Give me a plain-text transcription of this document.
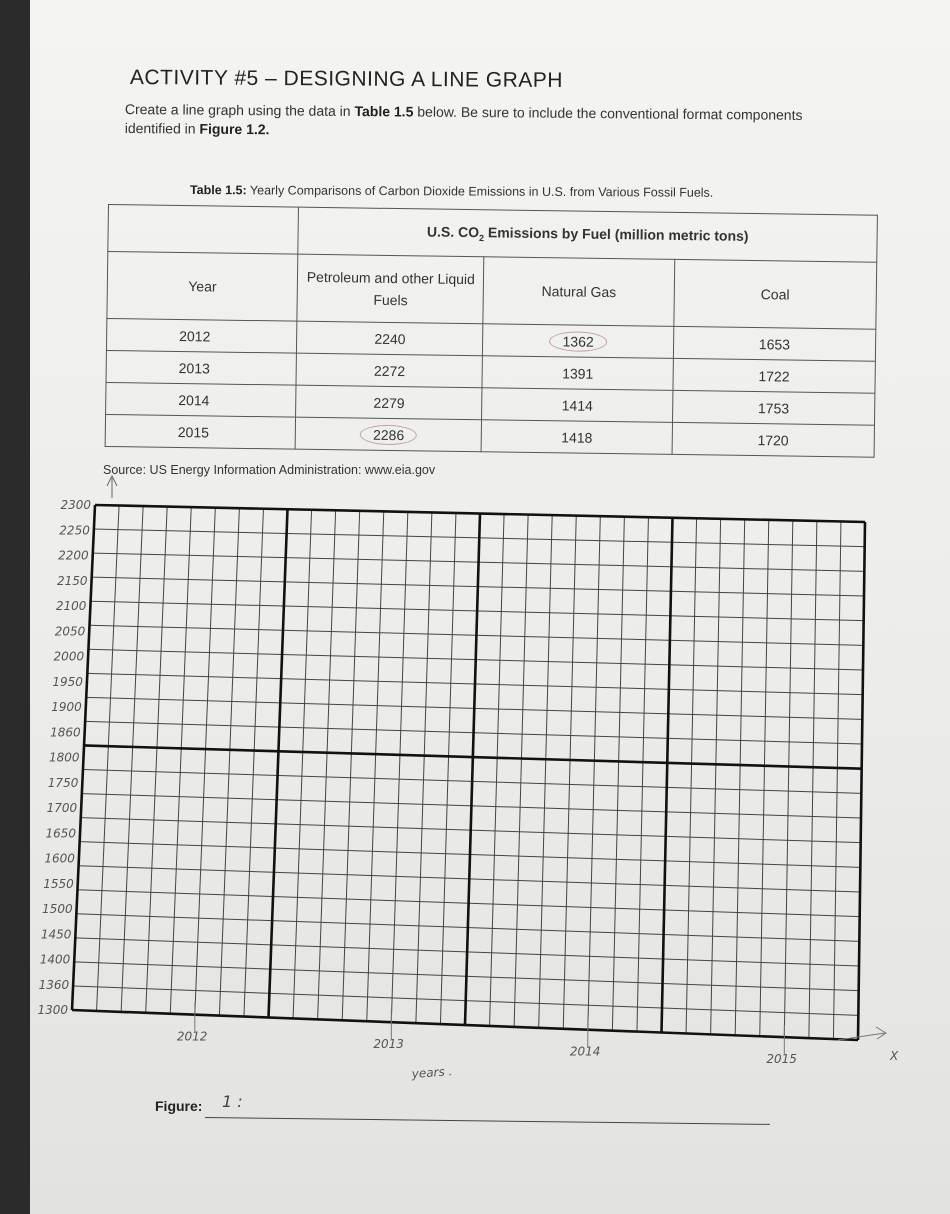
ACTIVITY #5 – DESIGNING A LINE GRAPH
Create a line graph using the data in Table 1.5 below. Be sure to include the conventional format components identified in Figure 1.2.
Table 1.5: Yearly Comparisons of Carbon Dioxide Emissions in U.S. from Various Fossil Fuels.
	U.S. $CO_2$ Emissions by Fuel (million metric tons)		
Year	Petroleum and other Liquid Fuels	Natural Gas	Coal
2012	2240	1362	1653
2013	2272	1391	1722
2014	2279	1414	1753
2015	2286	1418	1720
Source: US Energy Information Administration: www.eia.gov
2300
2250
2200
2150
2100
2050
2000
1950
1900
1860
1800
1750
1700
1650
1600
1550
1500
1450
1400
1360
1300
2012
2013
2014
2015
years .
X
Figure: 1 :
